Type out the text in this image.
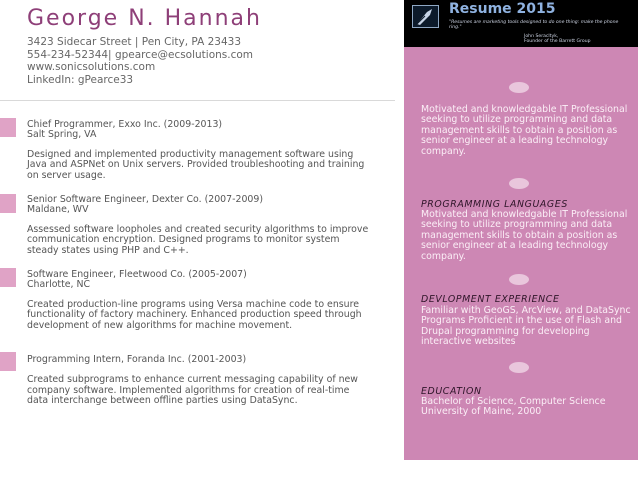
George N. Hannah
3423 Sidecar Street | Pen City, PA 23433
554-234-52344| gpearce@ecsolutions.com
www.sonicsolutions.com
LinkedIn: gPearce33
Chief Programmer, Exxo Inc. (2009-2013)
Salt Spring, VA
Designed and implemented productivity management software using Java and ASPNet on Unix servers. Provided troubleshooting and training on server usage.
Senior Software Engineer, Dexter Co. (2007-2009)
Maldane, WV
Assessed software loopholes and created security algorithms to improve communication encryption. Designed programs to monitor system steady states using PHP and C++.
Software Engineer, Fleetwood Co. (2005-2007)
Charlotte, NC
Created production-line programs using Versa machine code to ensure functionality of factory machinery. Enhanced production speed through development of new algorithms for machine movement.
Programming Intern, Foranda Inc. (2001-2003)
Created subprograms to enhance current messaging capability of new company software. Implemented algorithms for creation of real-time data interchange between offline parties using DataSync.
Resume 2015
"Resumes are marketing tools designed to do one thing: make the phone ring."
John Seracltyk,
Founder of the Barrett Group
Motivated and knowledgable IT Professional seeking to utilize programming and data management skills to obtain a position as senior engineer at a leading technology company.
PROGRAMMING LANGUAGES
Motivated and knowledgable IT Professional seeking to utilize programming and data management skills to obtain a position as senior engineer at a leading technology company.
DEVLOPMENT EXPERIENCE
Familiar with GeoGS, ArcView, and DataSync Programs Proficient in the use of Flash and Drupal programming for developing interactive websites
EDUCATION
Bachelor of Science, Computer Science University of Maine, 2000
